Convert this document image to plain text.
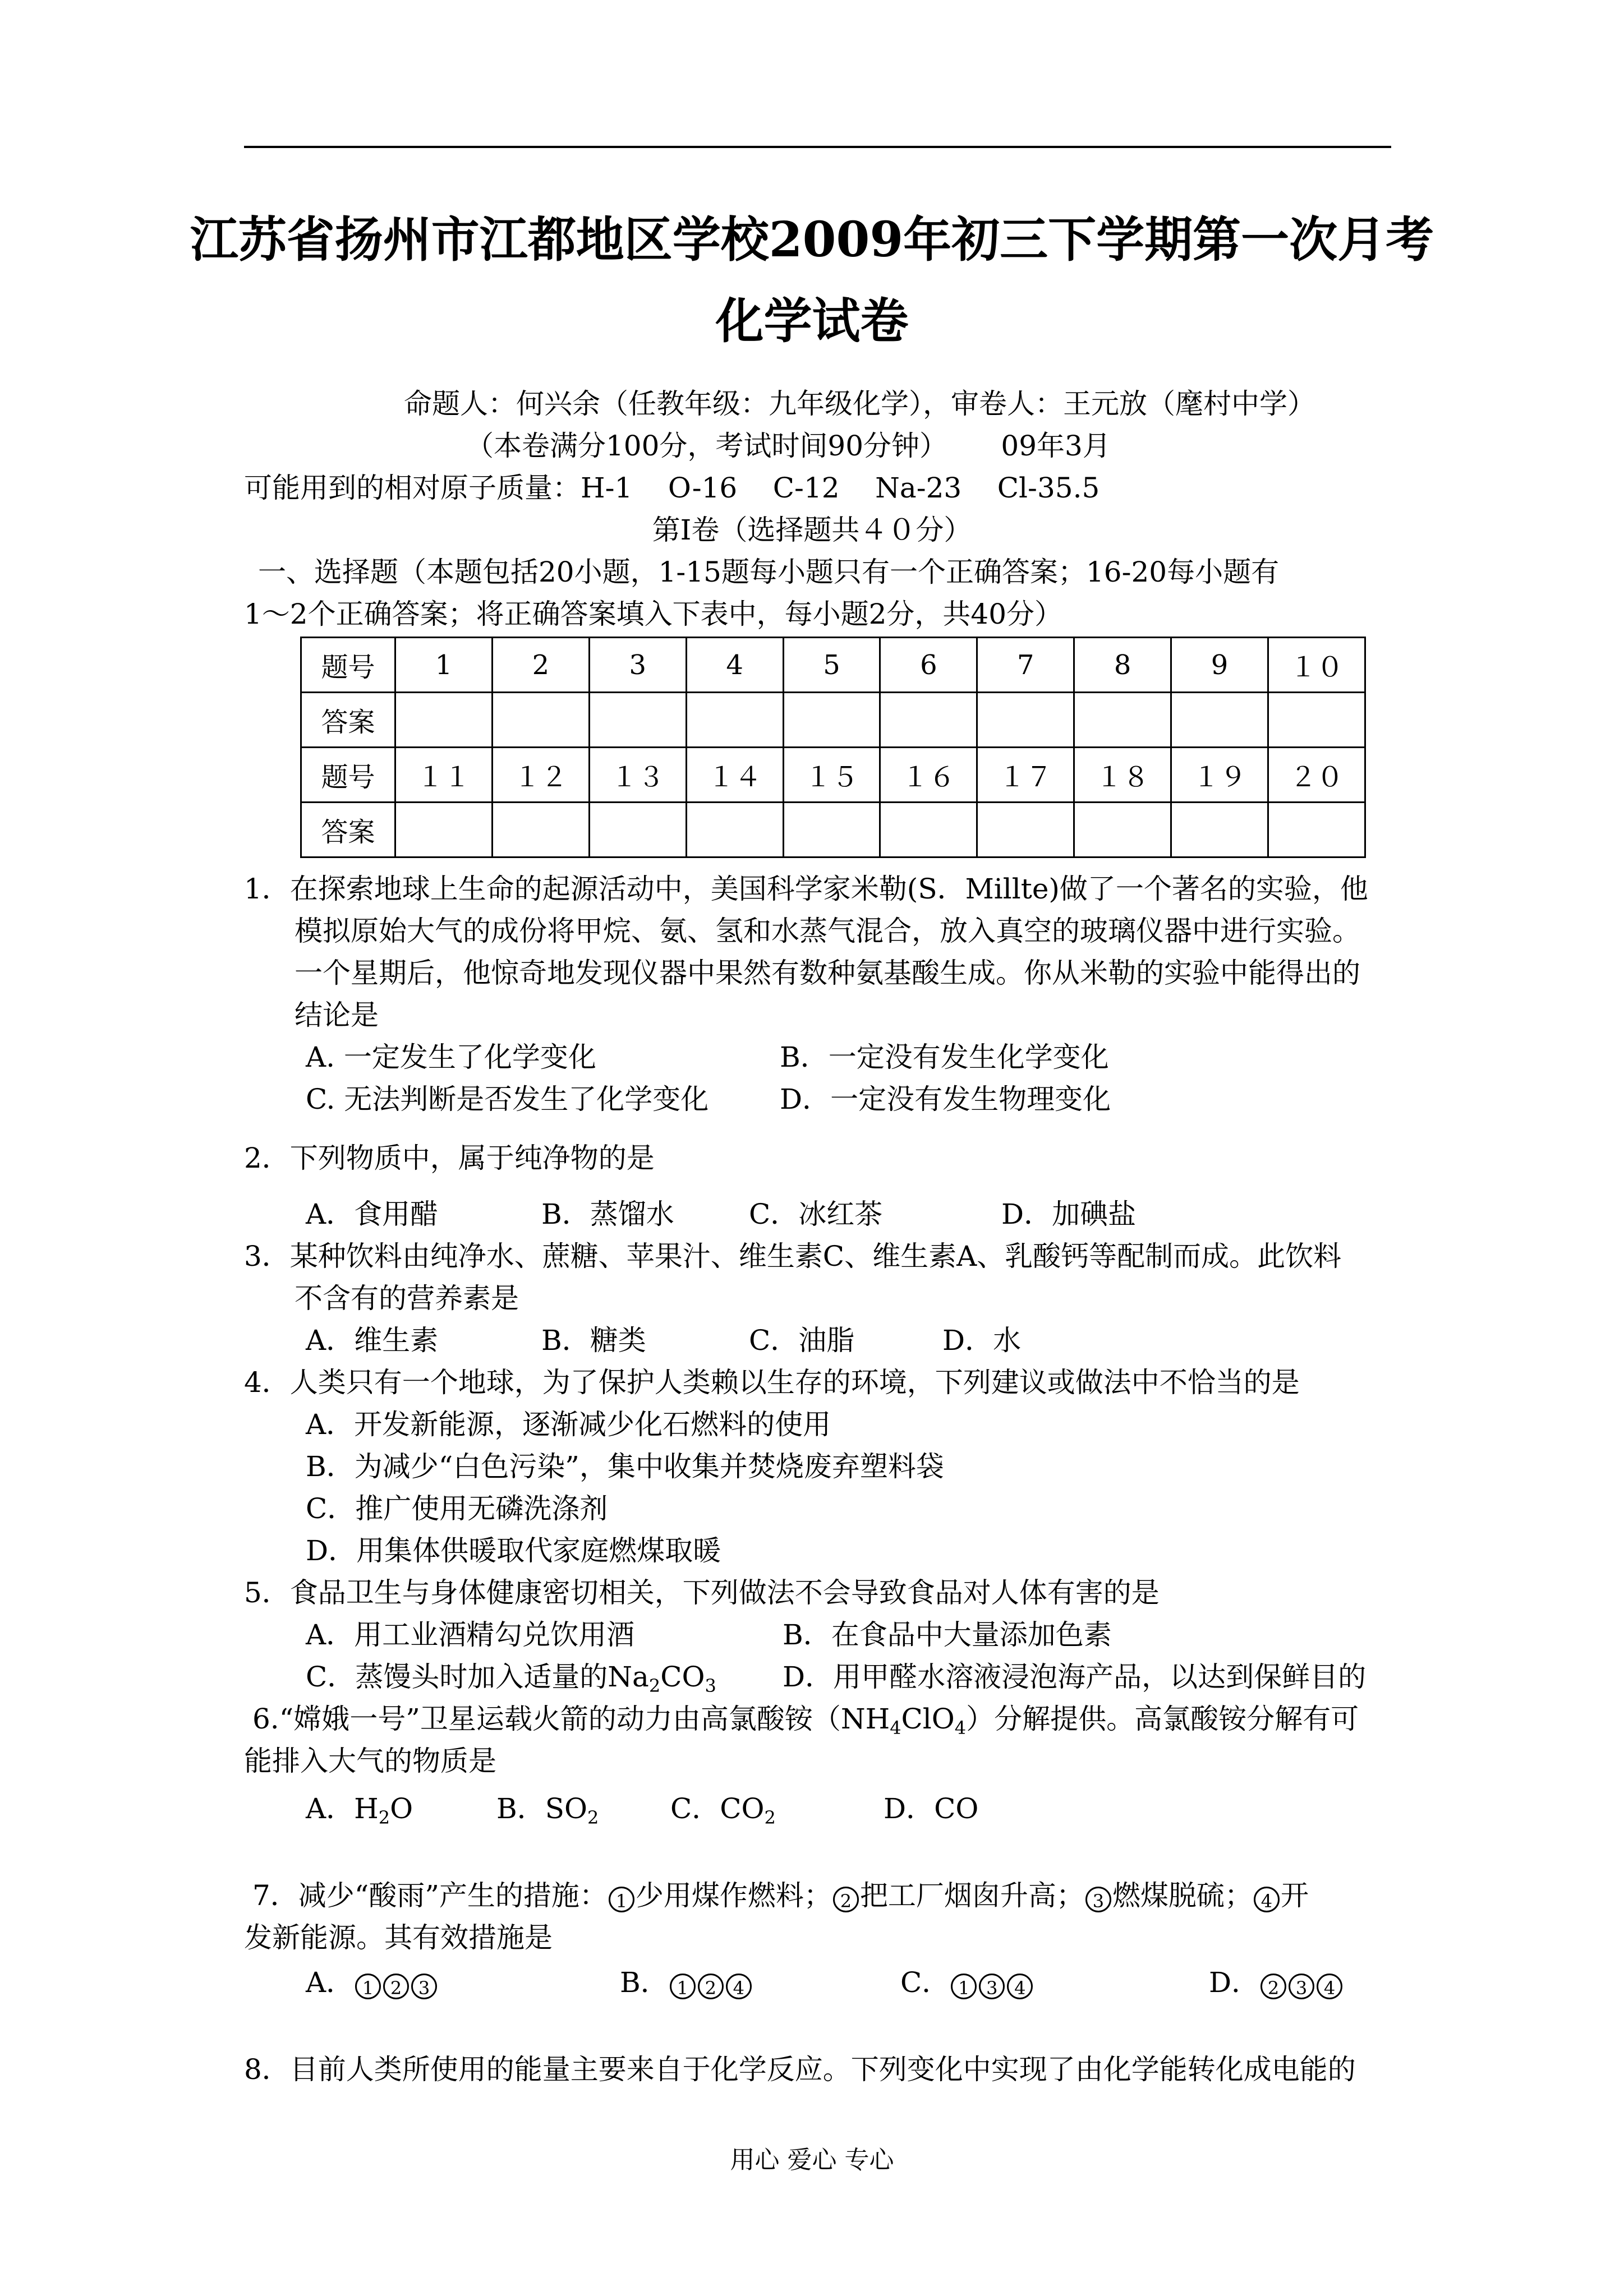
江苏省扬州市江都地区学校2009年初三下学期第一次月考
化学试卷
命题人：何兴余（任教年级：九年级化学），审卷人：王元放（麾村中学）
（本卷满分100分，考试时间90分钟）      09年3月
可能用到的相对原子质量：H-1    O-16    C-12    Na-23    Cl-35.5
第Ⅰ卷（选择题共４０分）
一、选择题（本题包括20小题，1-15题每小题只有一个正确答案；16-20每小题有
1～2个正确答案；将正确答案填入下表中，每小题2分，共40分）
题号	1	2	3	4	5	6	7	8	9	１０
答案										
题号	１１	１２	１３	１４	１５	１６	１７	１８	１９	２０
答案										
1．在探索地球上生命的起源活动中，美国科学家米勒(S．Millte)做了一个著名的实验，他
模拟原始大气的成份将甲烷、氨、氢和水蒸气混合，放入真空的玻璃仪器中进行实验。
一个星期后，他惊奇地发现仪器中果然有数种氨基酸生成。你从米勒的实验中能得出的
结论是
A. 一定发生了化学变化	B．一定没有发生化学变化
C. 无法判断是否发生了化学变化	D．一定没有发生物理变化
2．下列物质中，属于纯净物的是
A．食用醋	B．蒸馏水	C．冰红茶	D．加碘盐
3．某种饮料由纯净水、蔗糖、苹果汁、维生素C、维生素A、乳酸钙等配制而成。此饮料
不含有的营养素是
A．维生素	B．糖类	C．油脂	D．水
4．人类只有一个地球，为了保护人类赖以生存的环境，下列建议或做法中不恰当的是
A．开发新能源，逐渐减少化石燃料的使用
B．为减少“白色污染”，集中收集并焚烧废弃塑料袋
C．推广使用无磷洗涤剂
D．用集体供暖取代家庭燃煤取暖
5．食品卫生与身体健康密切相关，下列做法不会导致食品对人体有害的是
A．用工业酒精勾兑饮用酒	B．在食品中大量添加色素
C．蒸馒头时加入适量的$Na_2CO_3$ D．用甲醛水溶液浸泡海产品，以达到保鲜目的
6.“嫦娥一号”卫星运载火箭的动力由高氯酸铵$(NH_4ClO_4)$分解提供。高氯酸铵分解有可
能排入大气的物质是
A．$H_2O$	B．$SO_2$	C．$CO_2$	D．CO
7．减少“酸雨”产生的措施： 1 少用煤作燃料； 2 把工厂烟囱升高； 3 燃煤脱硫； 4 开
发新能源。其有效措施是
A． 1 2 3	B． 1 2 4	C． 1 3 4	D． 2 3 4
8．目前人类所使用的能量主要来自于化学反应。下列变化中实现了由化学能转化成电能的
用心 爱心 专心
